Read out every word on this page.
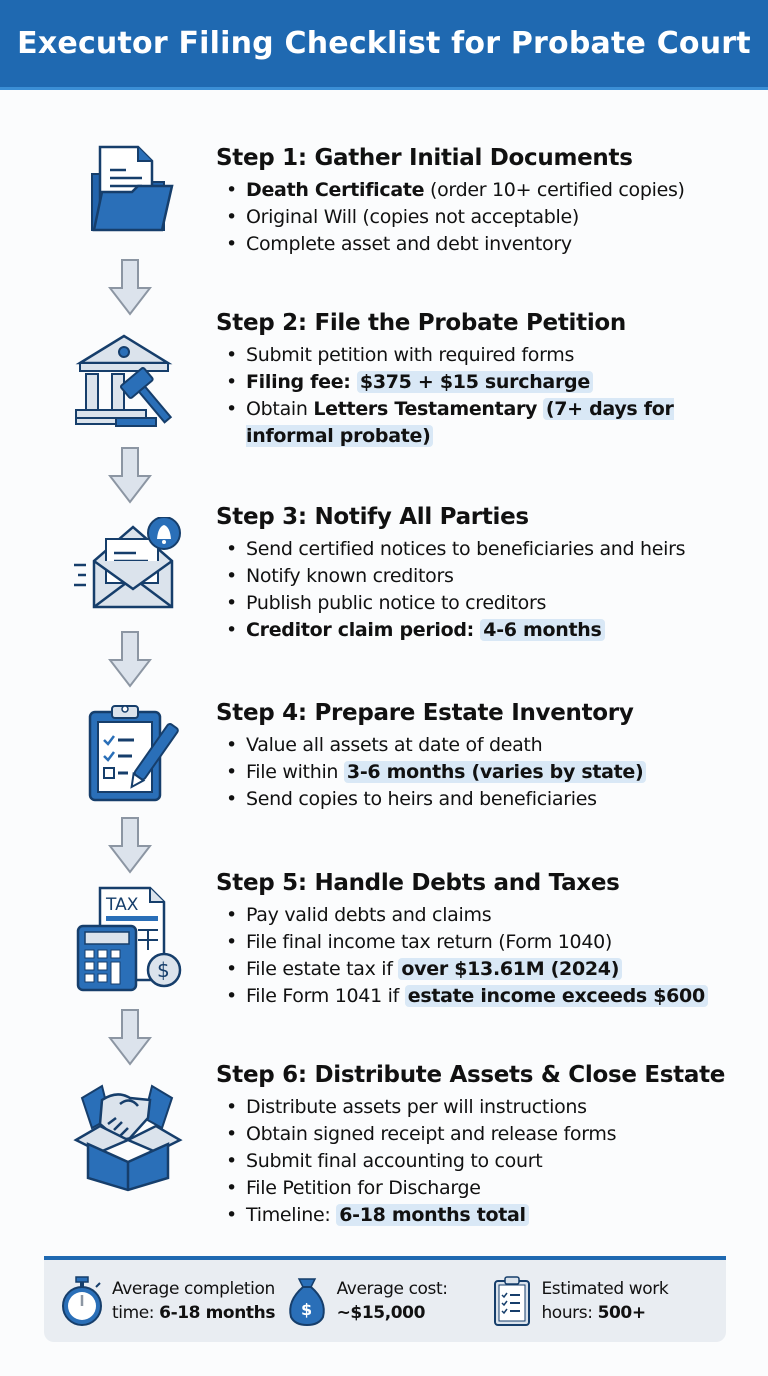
Executor Filing Checklist for Probate Court
Step 1: Gather Initial Documents
• Death Certificate (order 10+ certified copies)
• Original Will (copies not acceptable)
• Complete asset and debt inventory
Step 2: File the Probate Petition
• Submit petition with required forms
• Filing fee: $375 + $15 surcharge
• Obtain Letters Testamentary (7+ days for informal probate)
Step 3: Notify All Parties
• Send certified notices to beneficiaries and heirs
• Notify known creditors
• Publish public notice to creditors
• Creditor claim period: 4-6 months
Step 4: Prepare Estate Inventory
• Value all assets at date of death
• File within 3-6 months (varies by state)
• Send copies to heirs and beneficiaries
TAX
$
Step 5: Handle Debts and Taxes
• Pay valid debts and claims
• File final income tax return (Form 1040)
• File estate tax if over $13.61M (2024)
• File Form 1041 if estate income exceeds $600
Step 6: Distribute Assets & Close Estate
• Distribute assets per will instructions
• Obtain signed receipt and release forms
• Submit final accounting to court
• File Petition for Discharge
• Timeline: 6-18 months total
Average completion
time: 6-18 months $
Average cost:
~$15,000
Estimated work
hours: 500+
